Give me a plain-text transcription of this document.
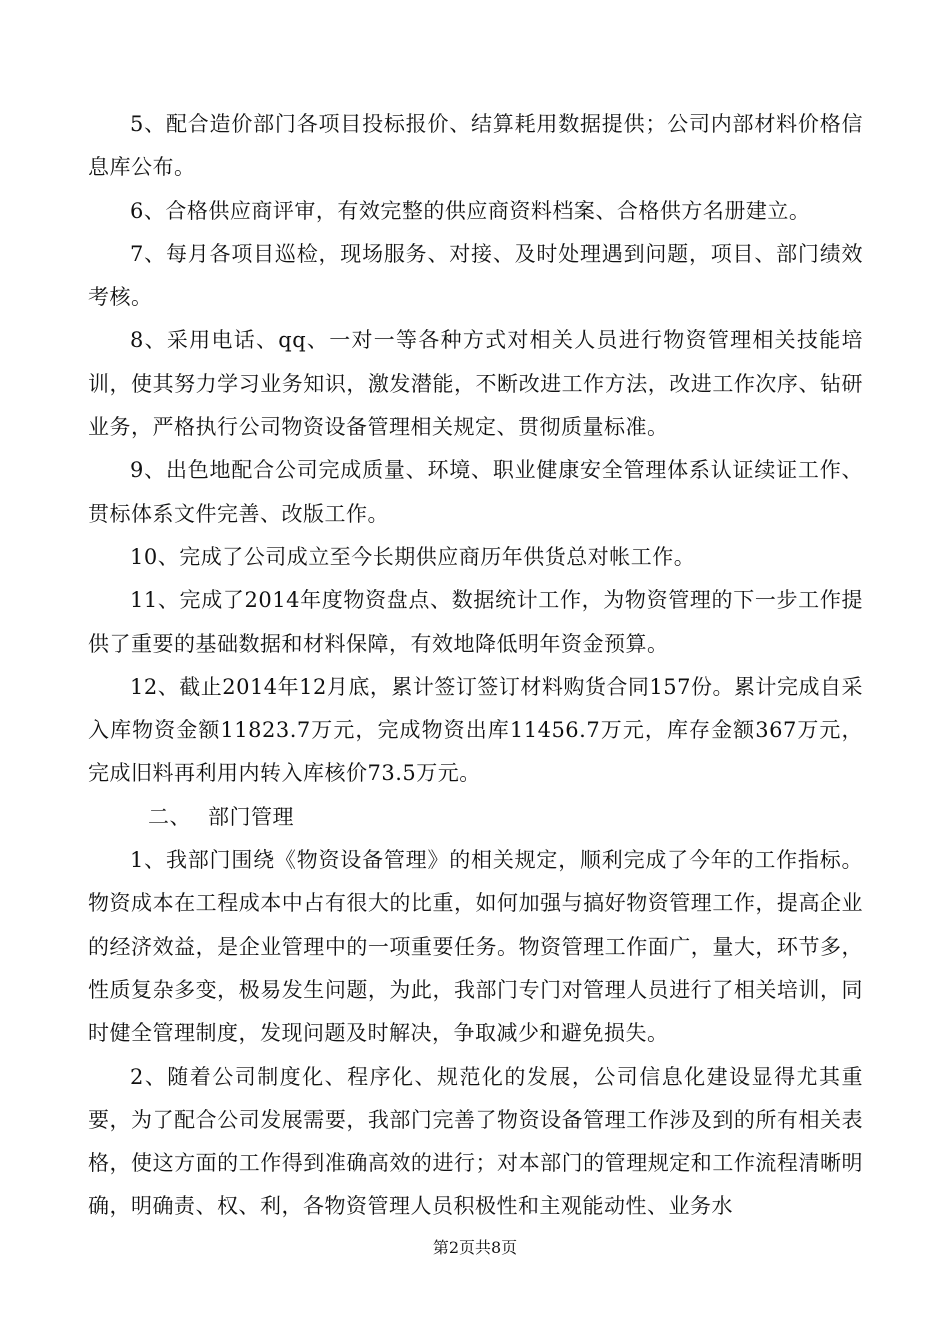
5、配合造价部门各项目投标报价、结算耗用数据提供；公司内部材料价格信息库公布。

6、合格供应商评审，有效完整的供应商资料档案、合格供方名册建立。

7、每月各项目巡检，现场服务、对接、及时处理遇到问题，项目、部门绩效考核。

8、采用电话、qq、一对一等各种方式对相关人员进行物资管理相关技能培训，使其努力学习业务知识，激发潜能，不断改进工作方法，改进工作次序、钻研业务，严格执行公司物资设备管理相关规定、贯彻质量标准。

9、出色地配合公司完成质量、环境、职业健康安全管理体系认证续证工作、贯标体系文件完善、改版工作。

10、完成了公司成立至今长期供应商历年供货总对帐工作。

11、完成了2014年度物资盘点、数据统计工作，为物资管理的下一步工作提供了重要的基础数据和材料保障，有效地降低明年资金预算。

12、截止2014年12月底，累计签订签订材料购货合同157份。累计完成自采入库物资金额11823.7万元，完成物资出库11456.7万元，库存金额367万元，完成旧料再利用内转入库核价73.5万元。

二、 部门管理

1、我部门围绕《物资设备管理》的相关规定，顺利完成了今年的工作指标。物资成本在工程成本中占有很大的比重，如何加强与搞好物资管理工作，提高企业的经济效益，是企业管理中的一项重要任务。物资管理工作面广，量大，环节多，性质复杂多变，极易发生问题，为此，我部门专门对管理人员进行了相关培训，同时健全管理制度，发现问题及时解决，争取减少和避免损失。

2、随着公司制度化、程序化、规范化的发展，公司信息化建设显得尤其重要，为了配合公司发展需要，我部门完善了物资设备管理工作涉及到的所有相关表格，使这方面的工作得到准确高效的进行；对本部门的管理规定和工作流程清晰明确，明确责、权、利，各物资管理人员积极性和主观能动性、业务水

第2页共8页
